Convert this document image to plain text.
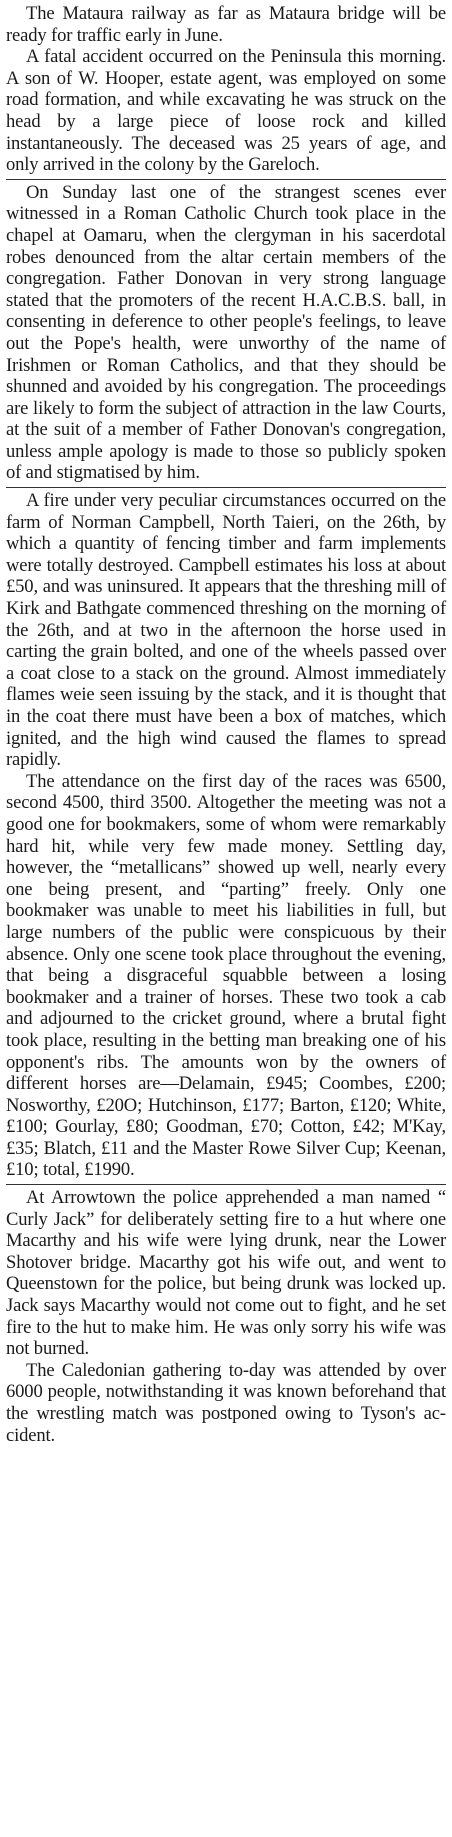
The Mataura railway as far as Mataura bridge will be ready for traffic early in June.

A fatal accident occurred on the Peninsula this morning. A son of W. Hooper, estate agent, was employed on some road formation, and while excavating he was struck on the head by a large piece of loose rock and killed instantaneously. The deceased was 25 years of age, and only arrived in the colony by the Gareloch.

On Sunday last one of the strangest scenes ever witnessed in a Roman Catholic Church took place in the chapel at Oamaru, when the clergyman in his sacerdotal robes denounced from the altar certain members of the congregation. Father Donovan in very strong language stated that the promoters of the recent H.A.C.B.S. ball, in consenting in deference to other people's feelings, to leave out the Pope's health, were unworthy of the name of Irishmen or Roman Catholics, and that they should be shunned and avoided by his congregation. The proceedings are likely to form the subject of attraction in the law Courts, at the suit of a member of Father Donovan's congregation, unless ample apology is made to those so publicly spoken of and stigmatised by him.

A fire under very peculiar circumstances occurred on the farm of Norman Campbell, North Taieri, on the 26th, by which a quantity of fencing timber and farm implements were totally destroyed. Campbell estimates his loss at about £50, and was uninsured. It appears that the threshing mill of Kirk and Bathgate commenced threshing on the morning of the 26th, and at two in the afternoon the horse used in carting the grain bolted, and one of the wheels passed over a coat close to a stack on the ground. Almost immediately flames weie seen issuing by the stack, and it is thought that in the coat there must have been a box of matches, which ignited, and the high wind caused the flames to spread rapidly.

The attendance on the first day of the races was 6500, second 4500, third 3500. Altogether the meeting was not a good one for bookmakers, some of whom were remarkably hard hit, while very few made money. Settling day, however, the “metallicans” showed up well, nearly every one being present, and “parting” freely. Only one bookmaker was unable to meet his liabilities in full, but large numbers of the public were conspicuous by their absence. Only one scene took place throughout the evening, that being a disgraceful squabble between a losing bookmaker and a trainer of horses. These two took a cab and adjourned to the cricket ground, where a brutal fight took place, resulting in the betting man breaking one of his opponent's ribs. The amounts won by the owners of different horses are—Delamain, £945; Coombes, £200; Nosworthy, £20O; Hutchinson, £177; Barton, £120; White, £100; Gourlay, £80; Goodman, £70; Cotton, £42; M'Kay, £35; Blatch, £11 and the Master Rowe Silver Cup; Keenan, £10; total, £1990.

At Arrowtown the police apprehended a man named “ Curly Jack” for deliberately setting fire to a hut where one Macarthy and his wife were lying drunk, near the Lower Shotover bridge. Macarthy got his wife out, and went to Queenstown for the police, but being drunk was locked up. Jack says Macarthy would not come out to fight, and he set fire to the hut to make him. He was only sorry his wife was not burned.

The Caledonian gathering to-day was attended by over 6000 people, notwithstanding it was known beforehand that the wrestling match was postponed owing to Tyson's accident.
